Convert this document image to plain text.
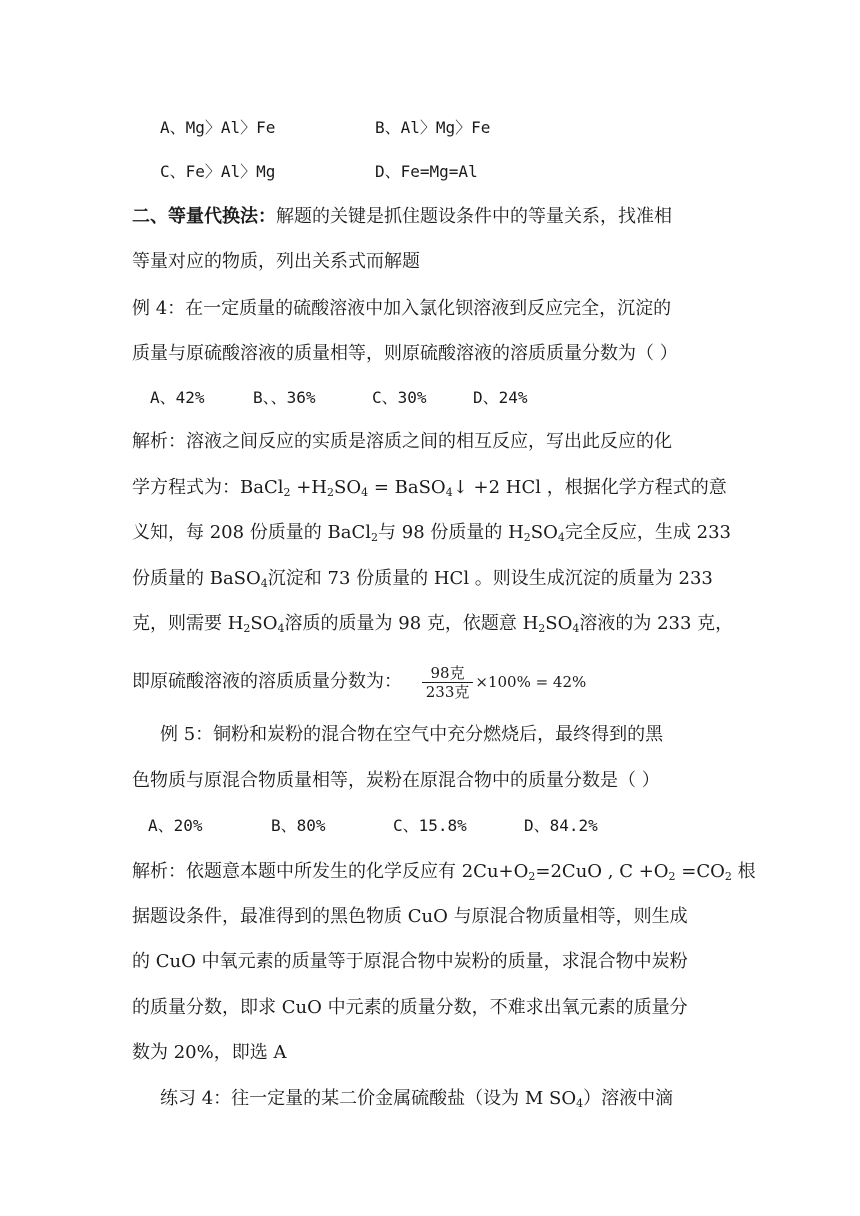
A、Mg〉Al〉Fe	B、Al〉Mg〉Fe
C、Fe〉Al〉Mg	D、Fe=Mg=Al
二、等量代换法：解题的关键是抓住题设条件中的等量关系，找准相
等量对应的物质，列出关系式而解题
例 4：在一定质量的硫酸溶液中加入氯化钡溶液到反应完全，沉淀的
质量与原硫酸溶液的质量相等，则原硫酸溶液的溶质质量分数为（ ）
A、42%	B、、36%	C、30%	D、24%
解析：溶液之间反应的实质是溶质之间的相互反应，写出此反应的化
学方程式为：BaCl$_2$ $+H_2SO_4$ = BaSO$_4$↓ +2 HCl ，根据化学方程式的意
义知，每 208 份质量的 BaCl$_2$与 98 份质量的 $H_2SO_4$完全反应，生成 233
份质量的 BaSO$_4$沉淀和 73 份质量的 HCl 。则设生成沉淀的质量为 233
克，则需要 $H_2SO_4$溶质的质量为 98 克，依题意 $H_2SO_4$溶液的为 233 克，
即原硫酸溶液的溶质质量分数为： $\frac{\text{98克}}{\text{233克}} \times 100\% = 42\%$
例 5：铜粉和炭粉的混合物在空气中充分燃烧后，最终得到的黑
色物质与原混合物质量相等，炭粉在原混合物中的质量分数是（ ）
A、20%	B、80%	C、15.8%	D、84.2%
解析：依题意本题中所发生的化学反应有 $2Cu+O_2=2CuO$ , $C +O_2 =CO_2$ 根
据题设条件，最准得到的黑色物质 CuO 与原混合物质量相等，则生成
的 CuO 中氧元素的质量等于原混合物中炭粉的质量，求混合物中炭粉
的质量分数，即求 CuO 中元素的质量分数，不难求出氧元素的质量分
数为 20%，即选 A
练习 4：往一定量的某二价金属硫酸盐（设为 M $SO_4$）溶液中滴
